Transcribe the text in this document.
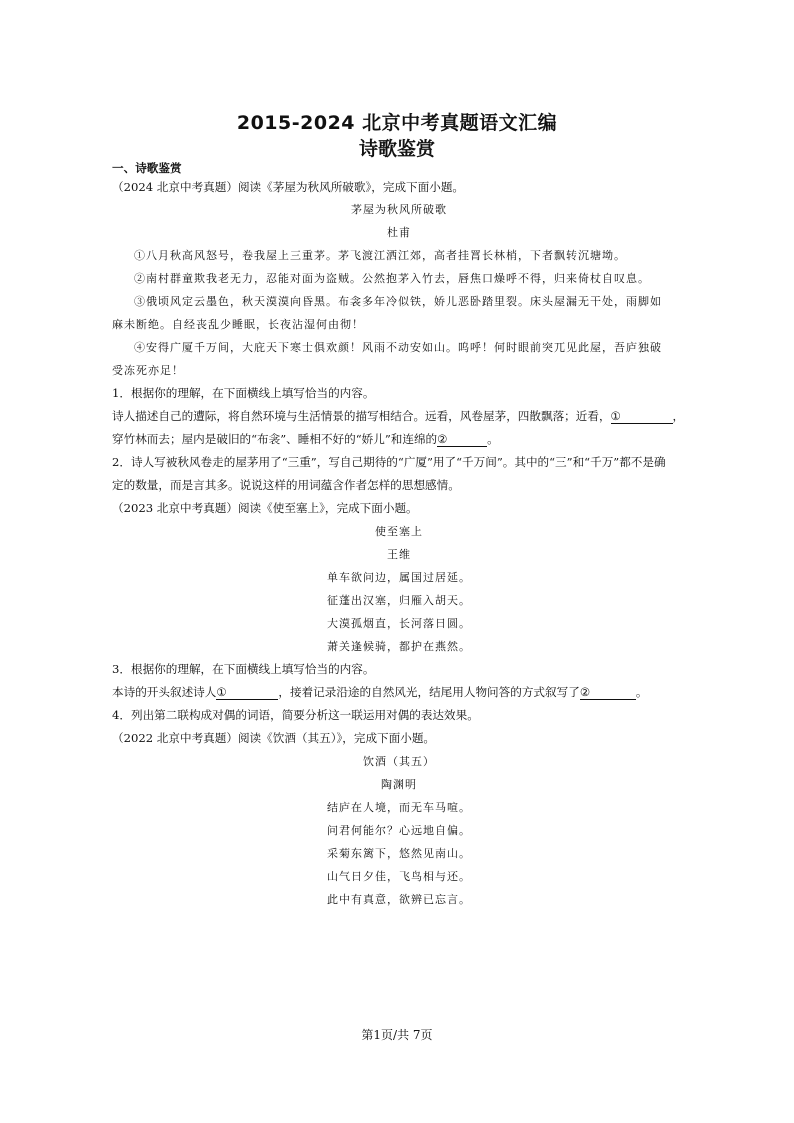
2015-2024 北京中考真题语文汇编
诗歌鉴赏
一、诗歌鉴赏
（2024 北京中考真题）阅读《茅屋为秋风所破歌》，完成下面小题。
茅屋为秋风所破歌
杜甫
①八月秋高风怒号，卷我屋上三重茅。茅飞渡江洒江郊，高者挂罥长林梢，下者飘转沉塘坳。
②南村群童欺我老无力，忍能对面为盗贼。公然抱茅入竹去，唇焦口燥呼不得，归来倚杖自叹息。
③俄顷风定云墨色，秋天漠漠向昏黑。布衾多年冷似铁，娇儿恶卧踏里裂。床头屋漏无干处，雨脚如
麻未断绝。自经丧乱少睡眠，长夜沾湿何由彻！
④安得广厦千万间，大庇天下寒士俱欢颜！风雨不动安如山。呜呼！何时眼前突兀见此屋，吾庐独破
受冻死亦足！
1．根据你的理解，在下面横线上填写恰当的内容。
诗人描述自己的遭际，将自然环境与生活情景的描写相结合。远看，风卷屋茅，四散飘落；近看，①	，
穿竹林而去；屋内是破旧的“布衾”、睡相不好的“娇儿”和连绵的②	。
2．诗人写被秋风卷走的屋茅用了“三重”，写自己期待的“广厦”用了“千万间”。其中的“三”和“千万”都不是确
定的数量，而是言其多。说说这样的用词蕴含作者怎样的思想感情。
（2023 北京中考真题）阅读《使至塞上》，完成下面小题。
使至塞上
王维
单车欲问边，属国过居延。
征蓬出汉塞，归雁入胡天。
大漠孤烟直，长河落日圆。
萧关逢候骑，都护在燕然。
3．根据你的理解，在下面横线上填写恰当的内容。
本诗的开头叙述诗人①	，接着记录沿途的自然风光，结尾用人物问答的方式叙写了②	。
4．列出第二联构成对偶的词语，简要分析这一联运用对偶的表达效果。
（2022 北京中考真题）阅读《饮酒（其五）》，完成下面小题。
饮酒（其五）
陶渊明
结庐在人境，而无车马喧。
问君何能尔？心远地自偏。
采菊东篱下，悠然见南山。
山气日夕佳，飞鸟相与还。
此中有真意，欲辨已忘言。
第1页/共 7页
